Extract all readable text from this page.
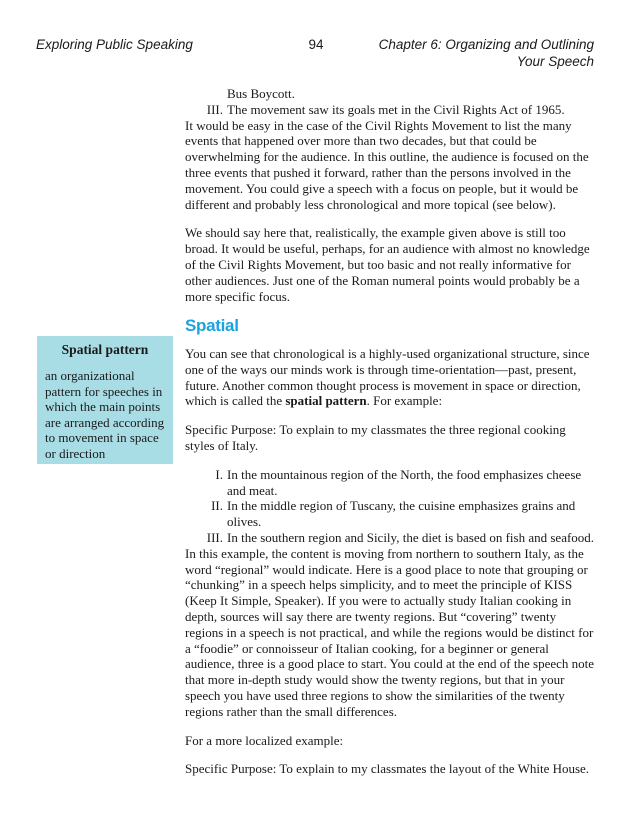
Exploring Public Speaking	94	Chapter 6: Organizing and Outlining Your Speech
Bus Boycott.
III. The movement saw its goals met in the Civil Rights Act of 1965.

It would be easy in the case of the Civil Rights Movement to list the many events that happened over more than two decades, but that could be overwhelming for the audience. In this outline, the audience is focused on the three events that pushed it forward, rather than the persons involved in the movement. You could give a speech with a focus on people, but it would be different and probably less chronological and more topical (see below).

We should say here that, realistically, the example given above is still too broad. It would be useful, perhaps, for an audience with almost no knowledge of the Civil Rights Movement, but too basic and not really informative for other audiences. Just one of the Roman numeral points would probably be a more specific focus.

Spatial
Spatial pattern
an organizational pattern for speeches in which the main points are arranged according to movement in space or direction

You can see that chronological is a highly-used organizational structure, since one of the ways our minds work is through time-orientation—past, present, future. Another common thought process is movement in space or direction, which is called the spatial pattern. For example:

Specific Purpose: To explain to my classmates the three regional cooking styles of Italy.

I. In the mountainous region of the North, the food emphasizes cheese and meat.
II. In the middle region of Tuscany, the cuisine emphasizes grains and olives.
III. In the southern region and Sicily, the diet is based on fish and seafood.

In this example, the content is moving from northern to southern Italy, as the word “regional” would indicate. Here is a good place to note that grouping or “chunking” in a speech helps simplicity, and to meet the principle of KISS (Keep It Simple, Speaker). If you were to actually study Italian cooking in depth, sources will say there are twenty regions. But “covering” twenty regions in a speech is not practical, and while the regions would be distinct for a “foodie” or connoisseur of Italian cooking, for a beginner or general audience, three is a good place to start. You could at the end of the speech note that more in-depth study would show the twenty regions, but that in your speech you have used three regions to show the similarities of the twenty regions rather than the small differences.

For a more localized example:

Specific Purpose: To explain to my classmates the layout of the White House.
